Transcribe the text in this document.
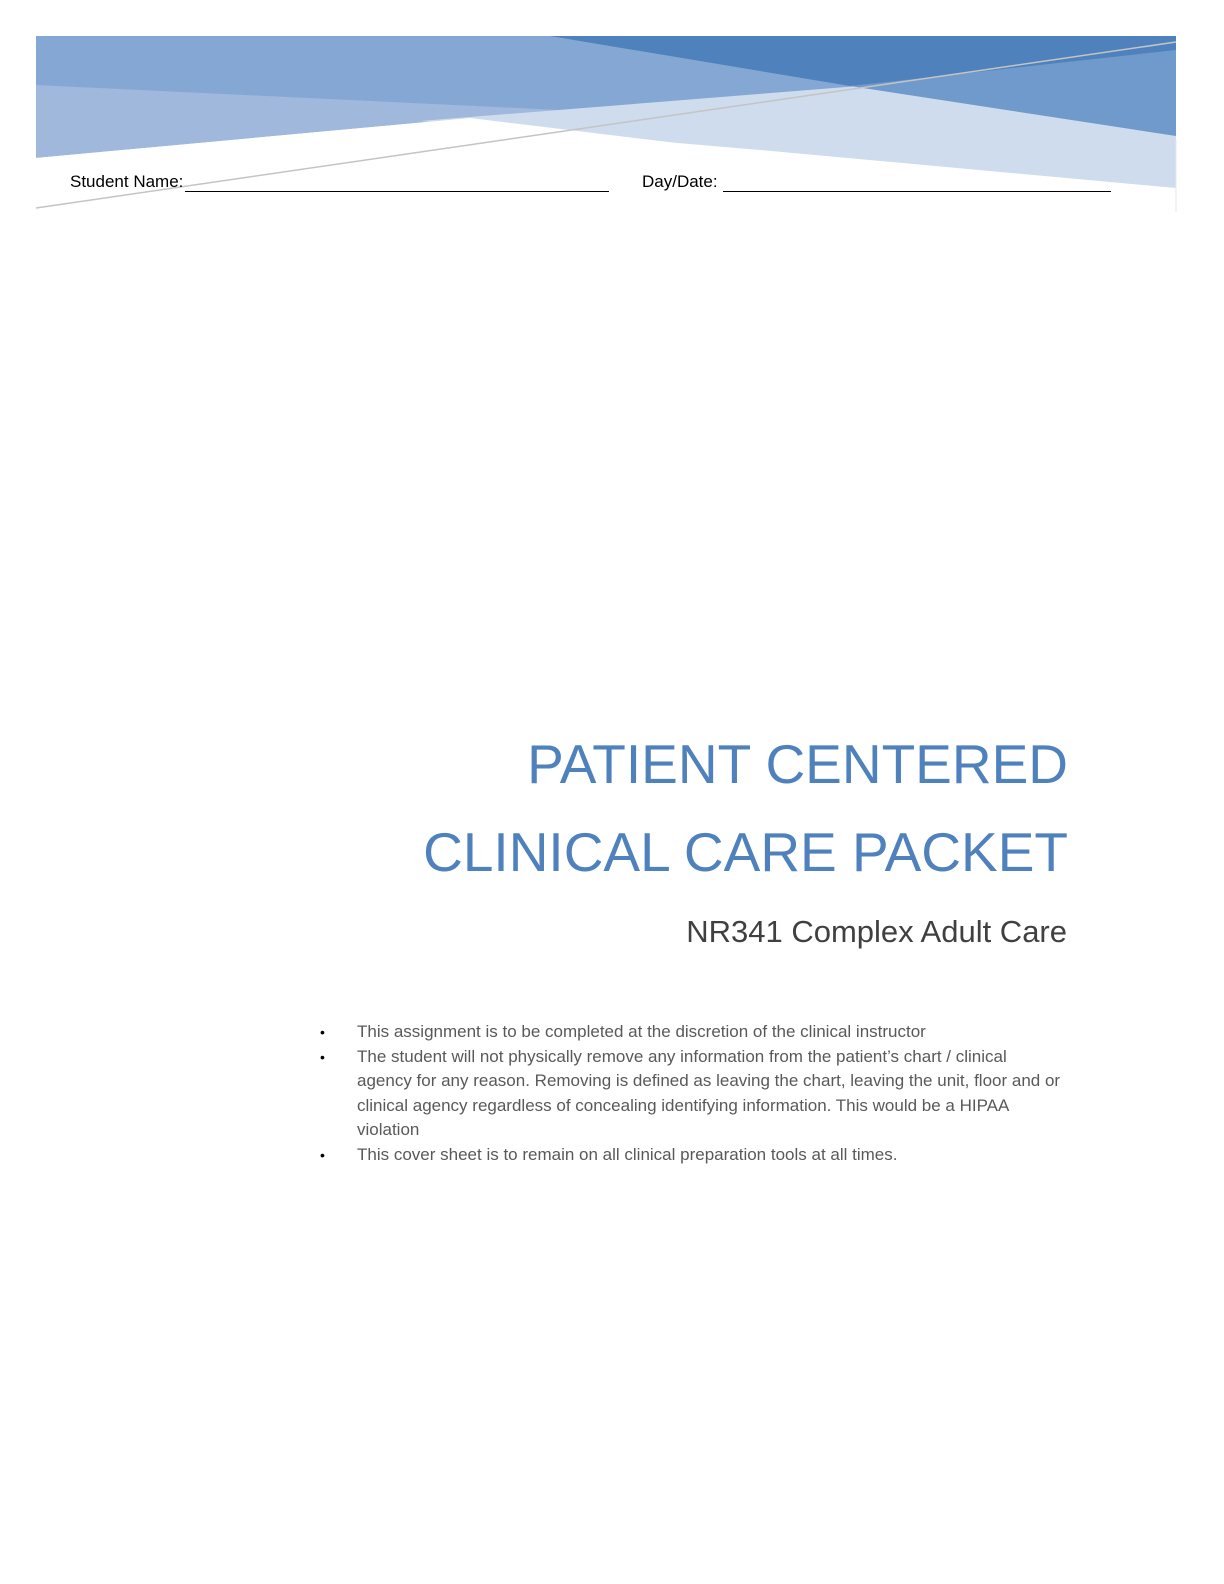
Student Name:	Day/Date:
PATIENT CENTERED
CLINICAL CARE PACKET
NR341 Complex Adult Care
• This assignment is to be completed at the discretion of the clinical instructor
• The student will not physically remove any information from the patient’s chart / clinical agency for any reason. Removing is defined as leaving the chart, leaving the unit, floor and or clinical agency regardless of concealing identifying information. This would be a HIPAA violation
• This cover sheet is to remain on all clinical preparation tools at all times.
